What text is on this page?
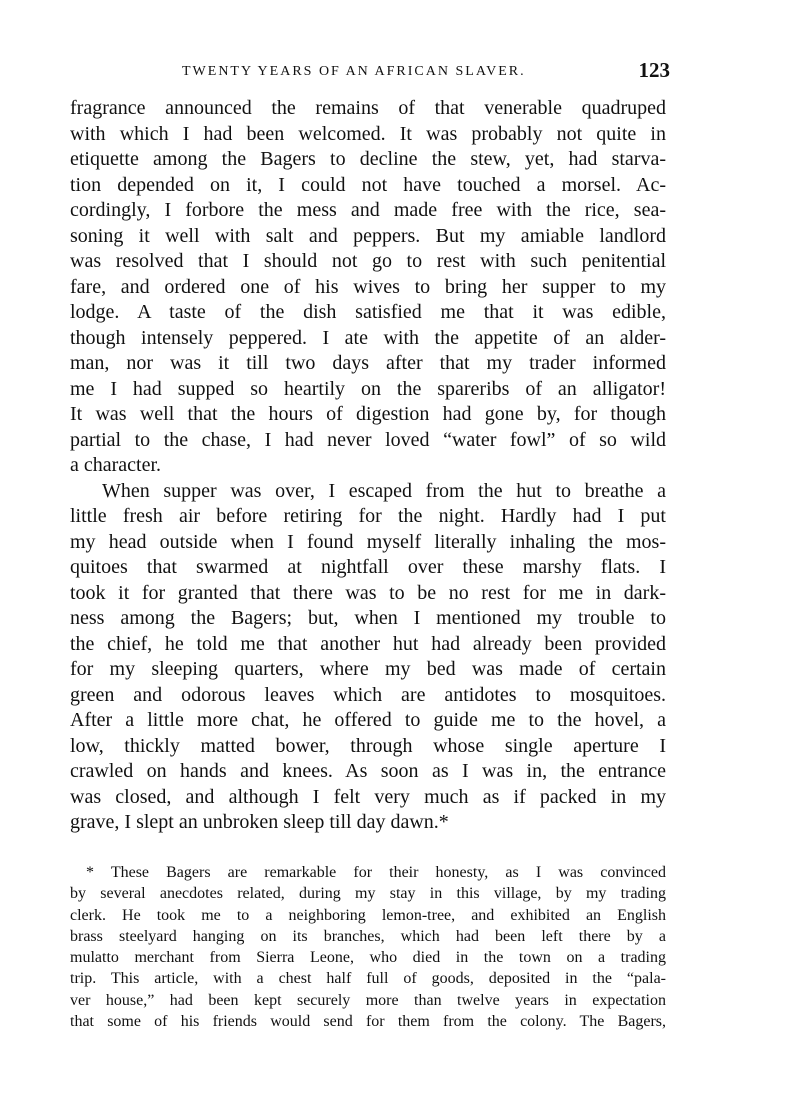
TWENTY YEARS OF AN AFRICAN SLAVER.	123
fragrance announced the remains of that venerable quadruped
with which I had been welcomed. It was probably not quite in
etiquette among the Bagers to decline the stew, yet, had starva-
tion depended on it, I could not have touched a morsel. Ac-
cordingly, I forbore the mess and made free with the rice, sea-
soning it well with salt and peppers. But my amiable landlord
was resolved that I should not go to rest with such penitential
fare, and ordered one of his wives to bring her supper to my
lodge. A taste of the dish satisfied me that it was edible,
though intensely peppered. I ate with the appetite of an alder-
man, nor was it till two days after that my trader informed
me I had supped so heartily on the spareribs of an alligator!
It was well that the hours of digestion had gone by, for though
partial to the chase, I had never loved “water fowl” of so wild
a character.
When supper was over, I escaped from the hut to breathe a
little fresh air before retiring for the night. Hardly had I put
my head outside when I found myself literally inhaling the mos-
quitoes that swarmed at nightfall over these marshy flats. I
took it for granted that there was to be no rest for me in dark-
ness among the Bagers; but, when I mentioned my trouble to
the chief, he told me that another hut had already been provided
for my sleeping quarters, where my bed was made of certain
green and odorous leaves which are antidotes to mosquitoes.
After a little more chat, he offered to guide me to the hovel, a
low, thickly matted bower, through whose single aperture I
crawled on hands and knees. As soon as I was in, the entrance
was closed, and although I felt very much as if packed in my
grave, I slept an unbroken sleep till day dawn.*
* These Bagers are remarkable for their honesty, as I was convinced
by several anecdotes related, during my stay in this village, by my trading
clerk. He took me to a neighboring lemon-tree, and exhibited an English
brass steelyard hanging on its branches, which had been left there by a
mulatto merchant from Sierra Leone, who died in the town on a trading
trip. This article, with a chest half full of goods, deposited in the “pala-
ver house,” had been kept securely more than twelve years in expectation
that some of his friends would send for them from the colony. The Bagers,
